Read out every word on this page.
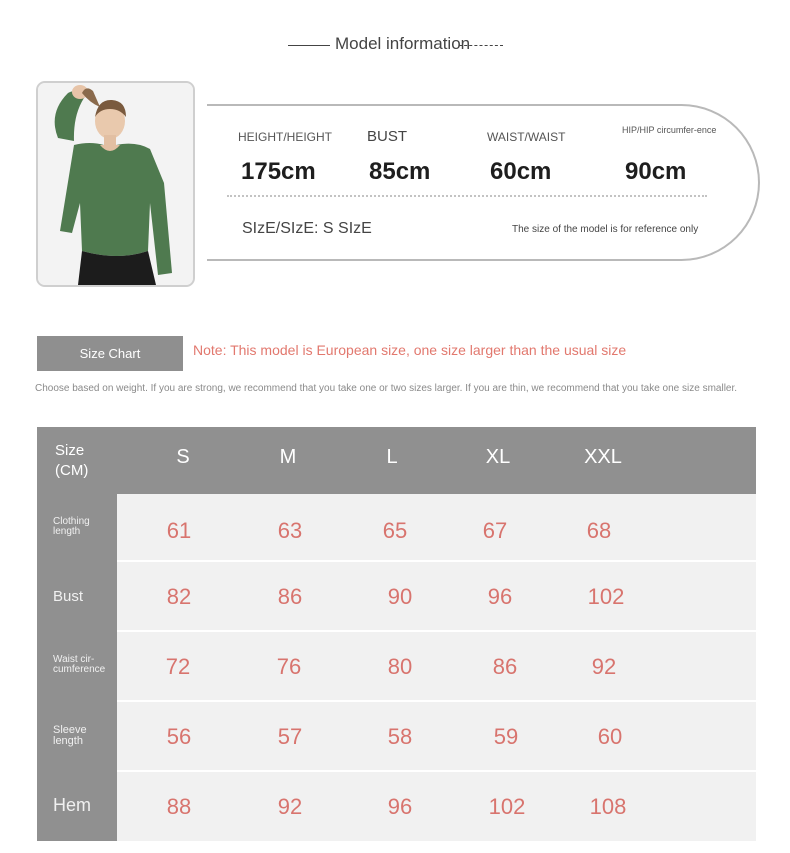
Model information
HEIGHT/HEIGHT BUST	WAIST/WAIST	HIP/HIP circumfer-ence
175cm 85cm 60cm	90cm
SIzE/SIzE: S SIzE	The size of the model is for reference only
Size Chart	Note: This model is European size, one size larger than the usual size
Choose based on weight. If you are strong, we recommend that you take one or two sizes larger. If you are thin, we recommend that you take one size smaller.
Size
(CM)
S	M	L	XL	XXL
Clothing
length	61	63	65	67	68
Bust	82	86	90	96	102
Waist cir-
cumference	72	76	80	86	92
Sleeve
length	56	57	58	59	60
Hem	88	92	96	102	108
